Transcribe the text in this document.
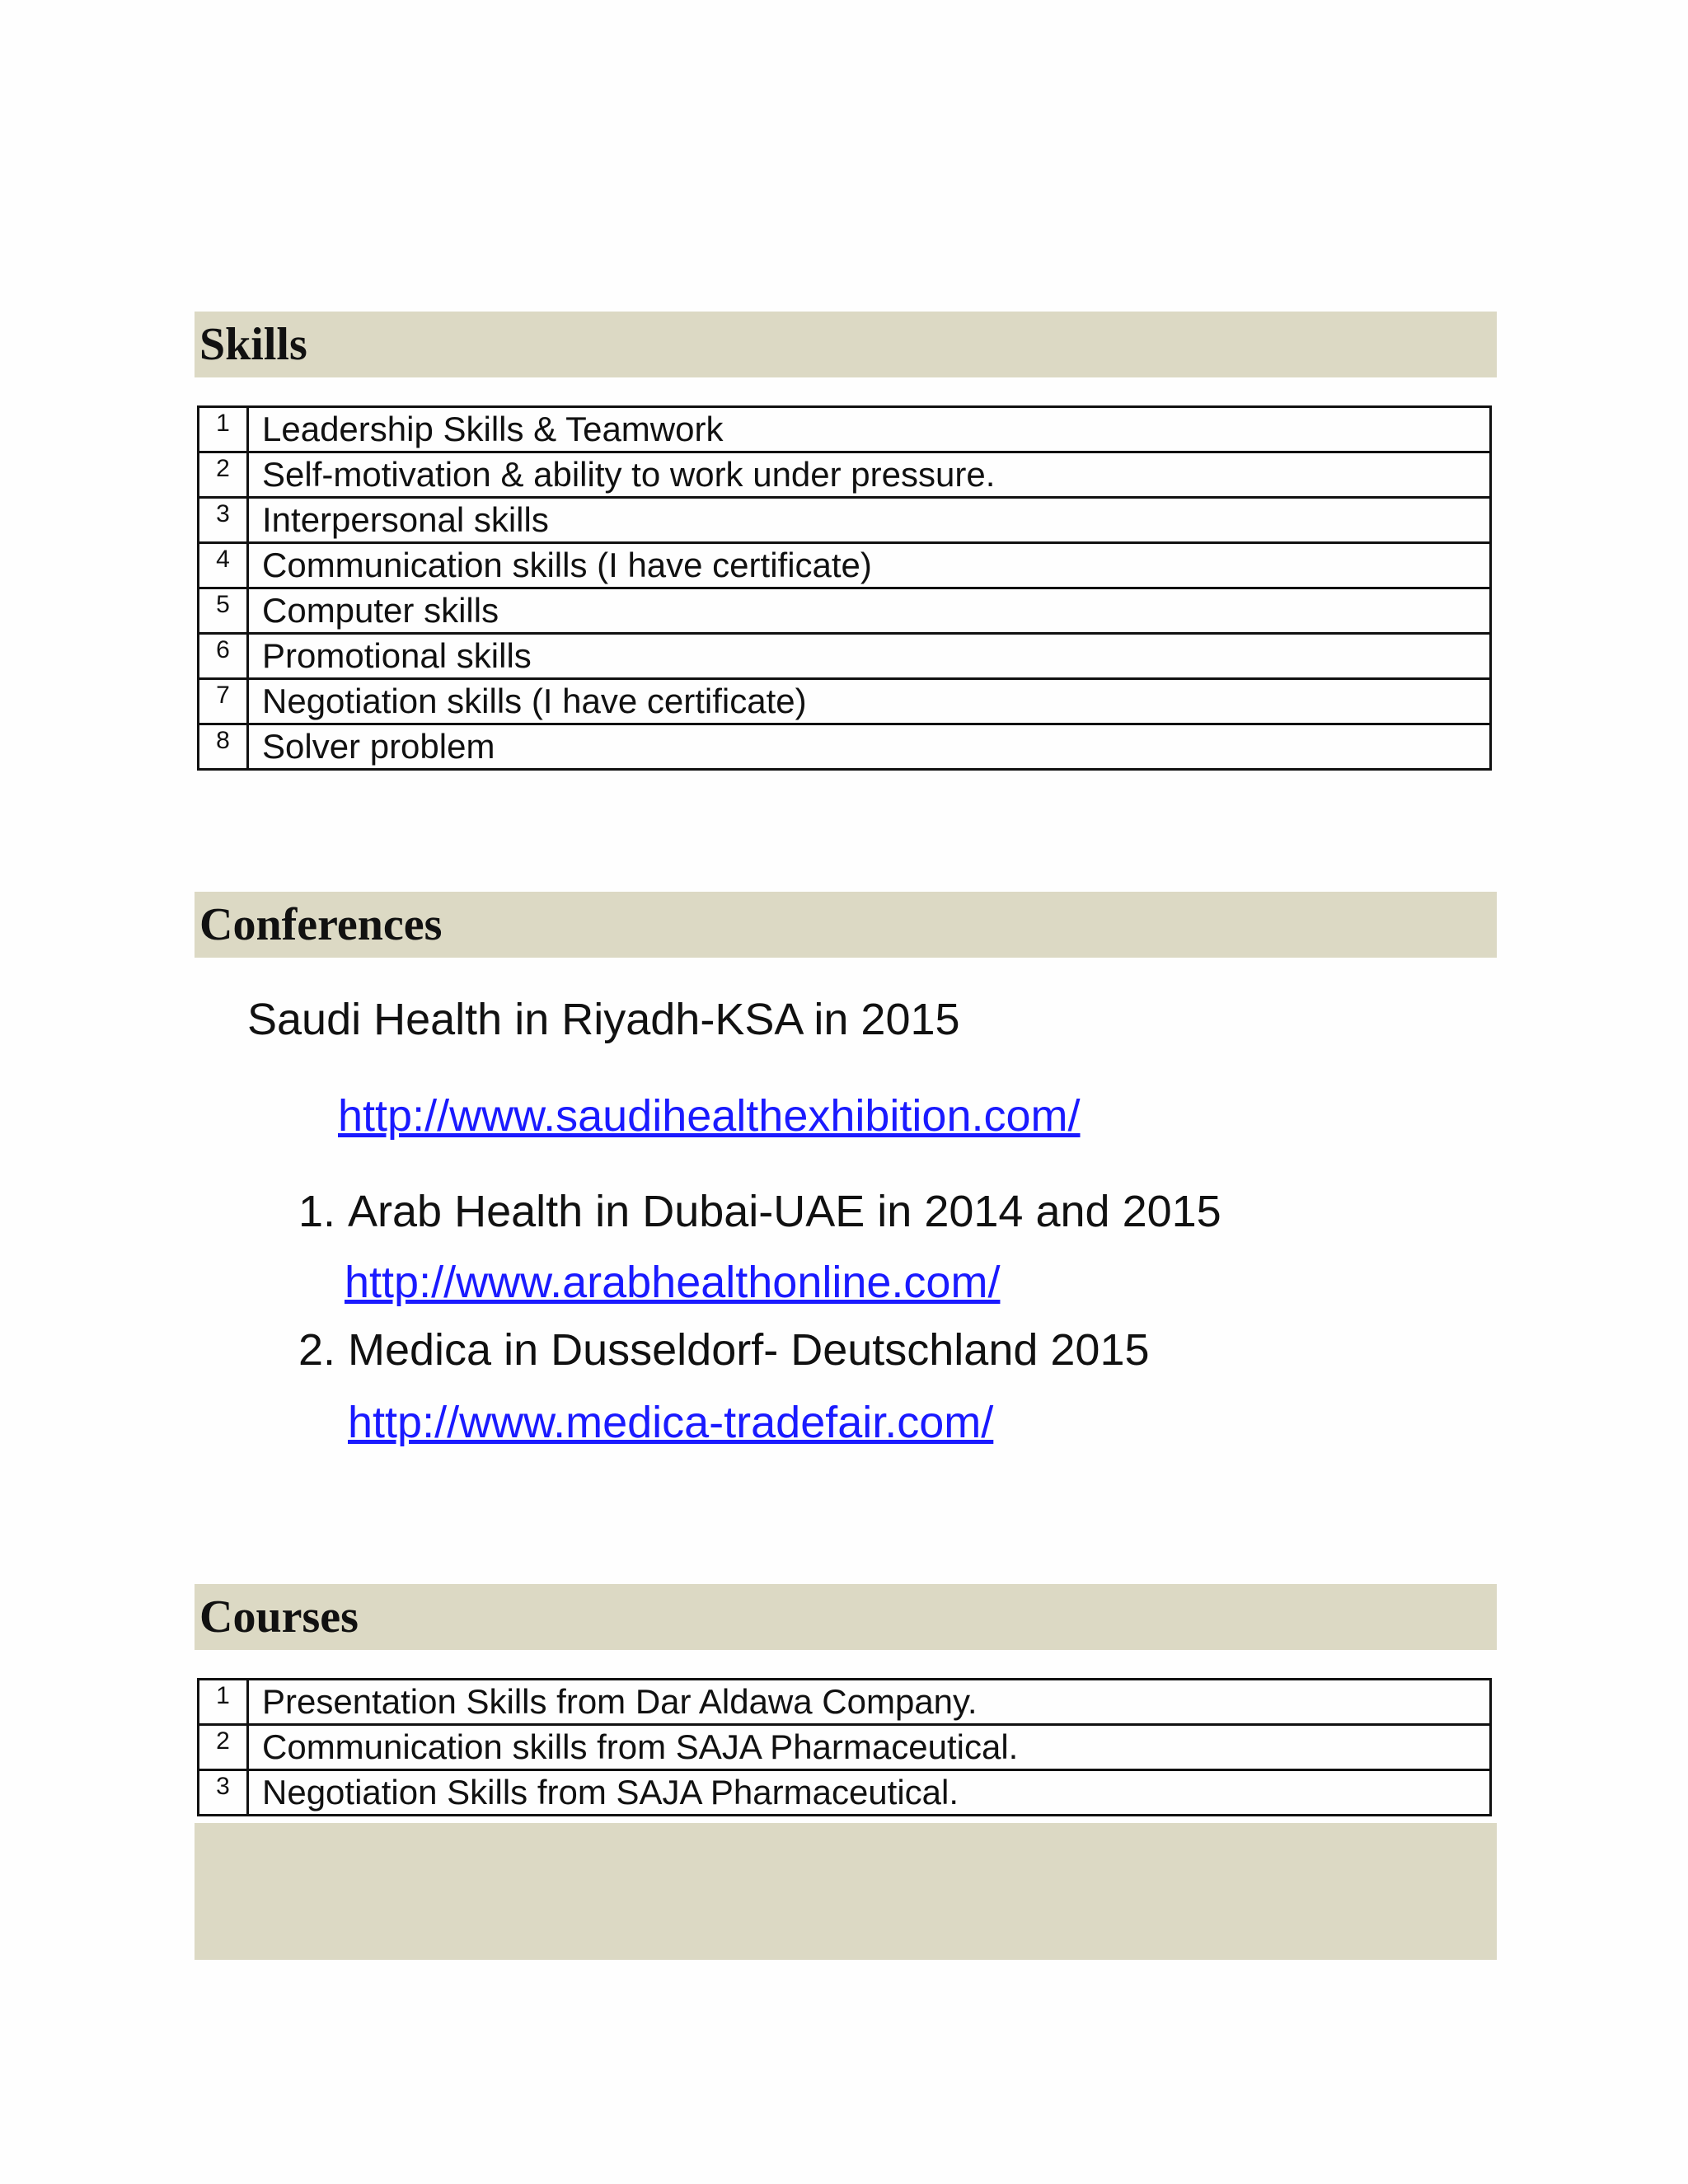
Skills
1	Leadership Skills & Teamwork
2	Self-motivation & ability to work under pressure.
3	Interpersonal skills
4	Communication skills (I have certificate)
5	Computer skills
6	Promotional skills
7	Negotiation skills (I have certificate)
8	Solver problem
Conferences

Saudi Health in Riyadh-KSA in 2015

http://www.saudihealthexhibition.com/
1. Arab Health in Dubai-UAE in 2014 and 2015
http://www.arabhealthonline.com/
2. Medica in Dusseldorf- Deutschland 2015
http://www.medica-tradefair.com/
Courses
1	Presentation Skills from Dar Aldawa Company.
2	Communication skills from SAJA Pharmaceutical.
3	Negotiation Skills from SAJA Pharmaceutical.
